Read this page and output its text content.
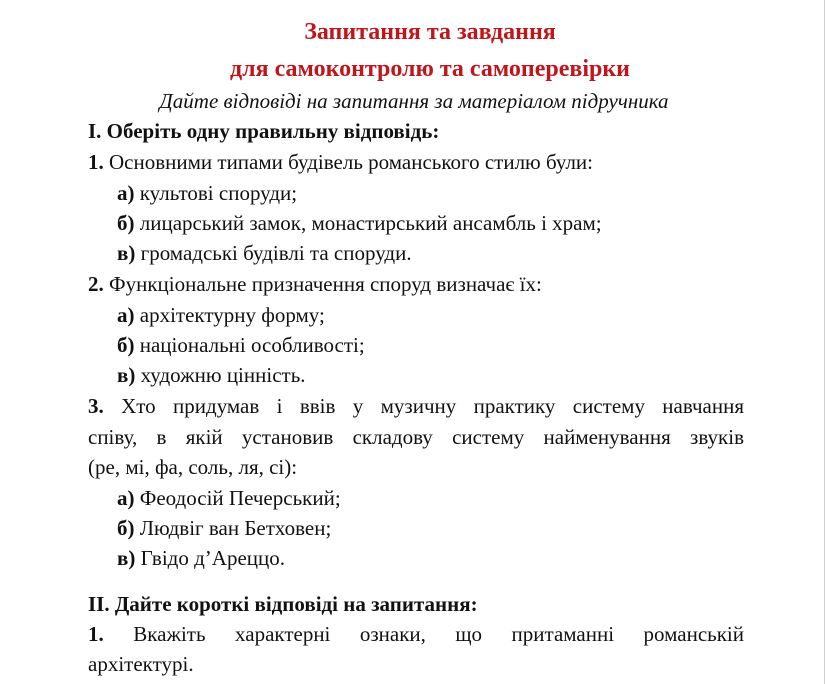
Запитання та завдання
для самоконтролю та самоперевірки
Дайте відповіді на запитання за матеріалом підручника
I. Оберіть одну правильну відповідь:
1. Основними типами будівель романського стилю були:
а) культові споруди;
б) лицарський замок, монастирський ансамбль і храм;
в) громадські будівлі та споруди.
2. Функціональне призначення споруд визначає їх:
а) архітектурну форму;
б) національні особливості;
в) художню цінність.
3. Хто придумав і ввів у музичну практику систему навчання
співу, в якій установив складову систему найменування звуків
(ре, мі, фа, соль, ля, сі):
а) Феодосій Печерський;
б) Людвіг ван Бетховен;
в) Гвідо д’Ареццо.
II. Дайте короткі відповіді на запитання:
1. Вкажіть характерні ознаки, що притаманні романській
архітектурі.
